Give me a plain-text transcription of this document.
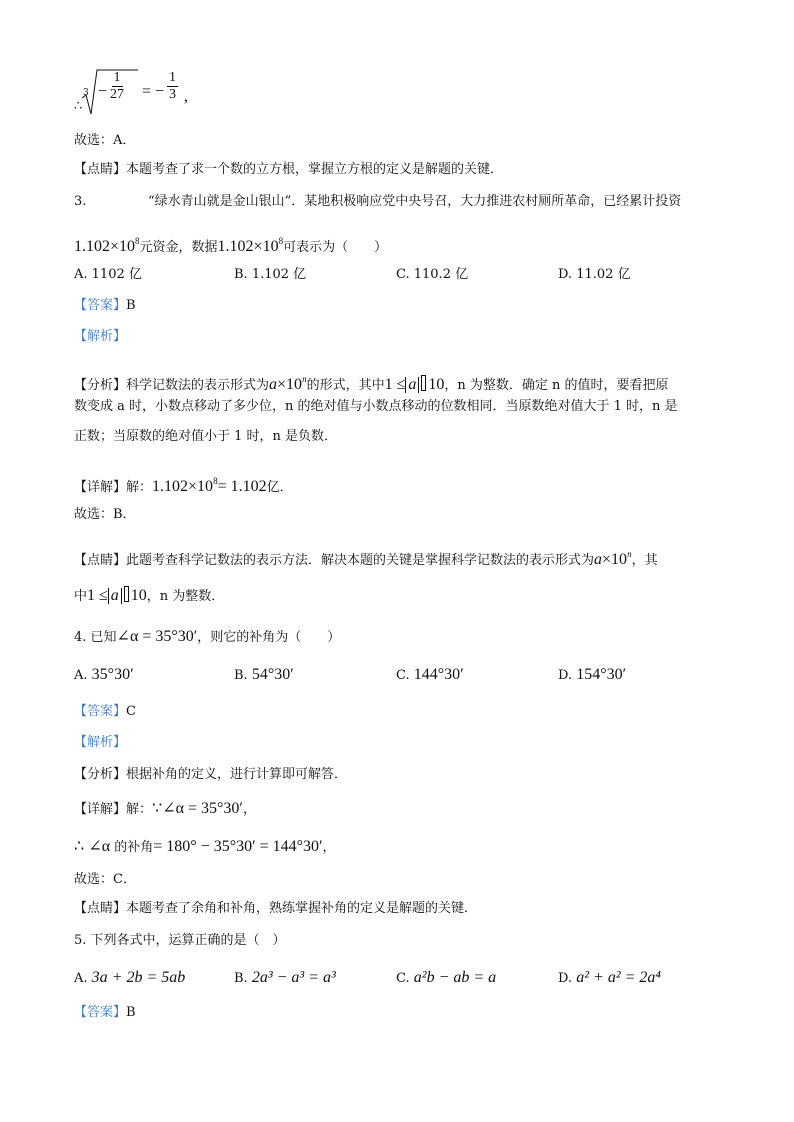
∴
$3 - \frac{1}{27}$ = − $\frac{1}{3}$ ,
故选：A．
【点睛】本题考查了求一个数的立方根，掌握立方根的定义是解题的关键．
3.	“绿水青山就是金山银山”．某地积极响应党中央号召，大力推进农村厕所革命，已经累计投资
$1.102\times 10^8$元资金，数据$1.102\times 10^8$可表示为（　　）
A. 1102 亿	B. 1.102 亿	C. 110.2 亿	D. 11.02 亿
【答案】B
【解析】
【分析】科学记数法的表示形式为$a\times 10^n$的形式，其中1 ≤ a 10，n 为整数．确定 n 的值时，要看把原
数变成 a 时，小数点移动了多少位，n 的绝对值与小数点移动的位数相同．当原数绝对值大于 1 时，n 是
正数；当原数的绝对值小于 1 时，n 是负数．
【详解】解：$1.102\times 10^8= 1.102$亿．
故选：B．
【点睛】此题考查科学记数法的表示方法．解决本题的关键是掌握科学记数法的表示形式为$a\times 10^n$，其
中1 ≤ a 10，n 为整数．
4. 已知∠α = 35°30′，则它的补角为（　　）
A. 35°30′	B. 54°30′	C. 144°30′	D. 154°30′
【答案】C
【解析】
【分析】根据补角的定义，进行计算即可解答．
【详解】解：∵∠α = 35°30′，
∴ ∠α 的补角= 180° − 35°30′ = 144°30′，
故选：C．
【点睛】本题考查了余角和补角，熟练掌握补角的定义是解题的关键．
5. 下列各式中，运算正确的是（　）
A. 3a + 2b = 5ab	B. 2a³ − a³ = a³	C. a²b − ab = a	D. a² + a² = 2a⁴
【答案】B
